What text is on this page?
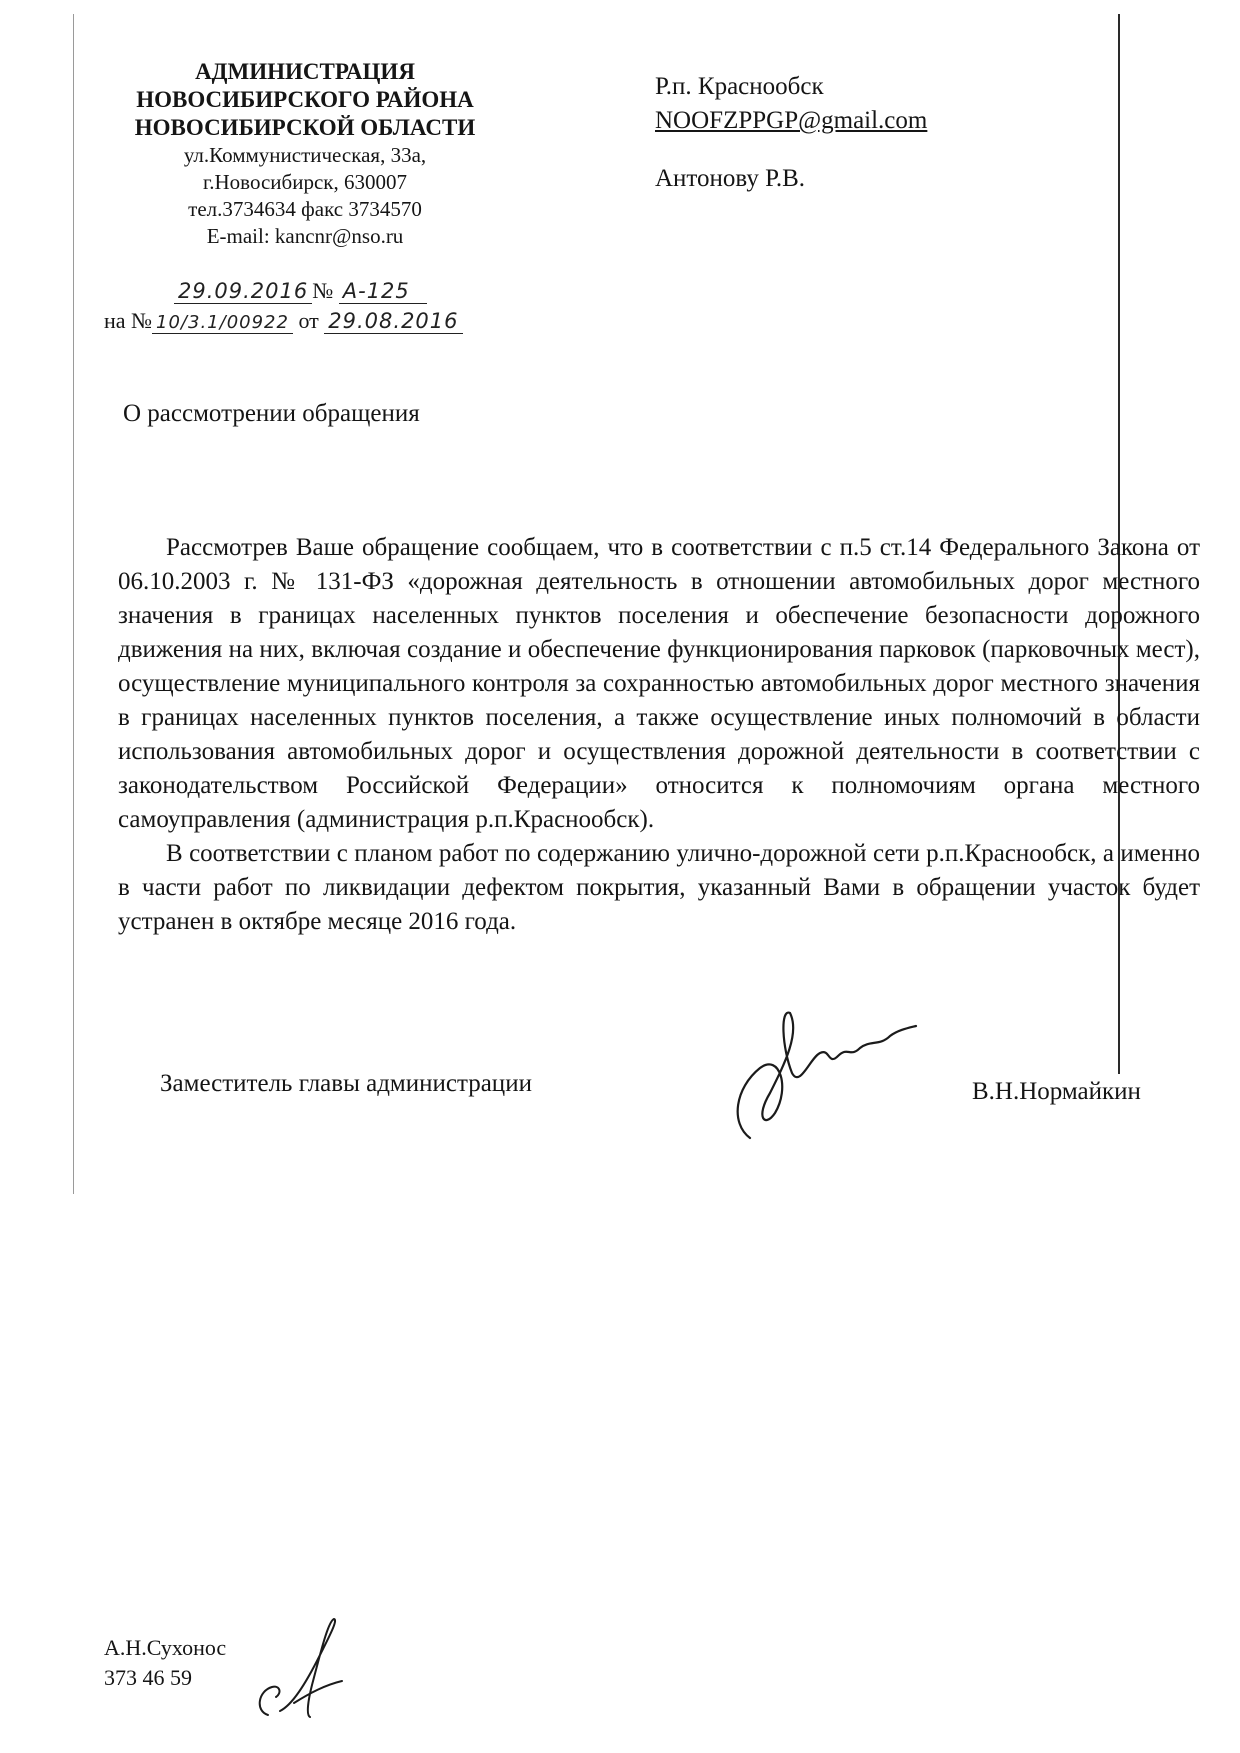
АДМИНИСТРАЦИЯ
НОВОСИБИРСКОГО РАЙОНА
НОВОСИБИРСКОЙ ОБЛАСТИ
ул.Коммунистическая, 33а,
г.Новосибирск, 630007
тел.3734634 факс 3734570
E-mail: kancnr@nso.ru
29.09.2016 № А-125
на № 10/3.1/00922 от 29.08.2016
Р.п. Краснообск
NOOFZPPGP@gmail.com
Антонову Р.В.
О рассмотрении обращения

Рассмотрев Ваше обращение сообщаем, что в соответствии с п.5 ст.14 Федерального Закона от 06.10.2003 г. № 131-ФЗ «дорожная деятельность в отношении автомобильных дорог местного значения в границах населенных пунктов поселения и обеспечение безопасности дорожного движения на них, включая создание и обеспечение функционирования парковок (парковочных мест), осуществление муниципального контроля за сохранностью автомобильных дорог местного значения в границах населенных пунктов поселения, а также осуществление иных полномочий в области использования автомобильных дорог и осуществления дорожной деятельности в соответствии с законодательством Российской Федерации» относится к полномочиям органа местного самоуправления (администрация р.п.Краснообск).

В соответствии с планом работ по содержанию улично-дорожной сети р.п.Краснообск, а именно в части работ по ликвидации дефектом покрытия, указанный Вами в обращении участок будет устранен в октябре месяце 2016 года.

Заместитель главы администрации	В.Н.Нормайкин
А.Н.Сухонос
373 46 59
